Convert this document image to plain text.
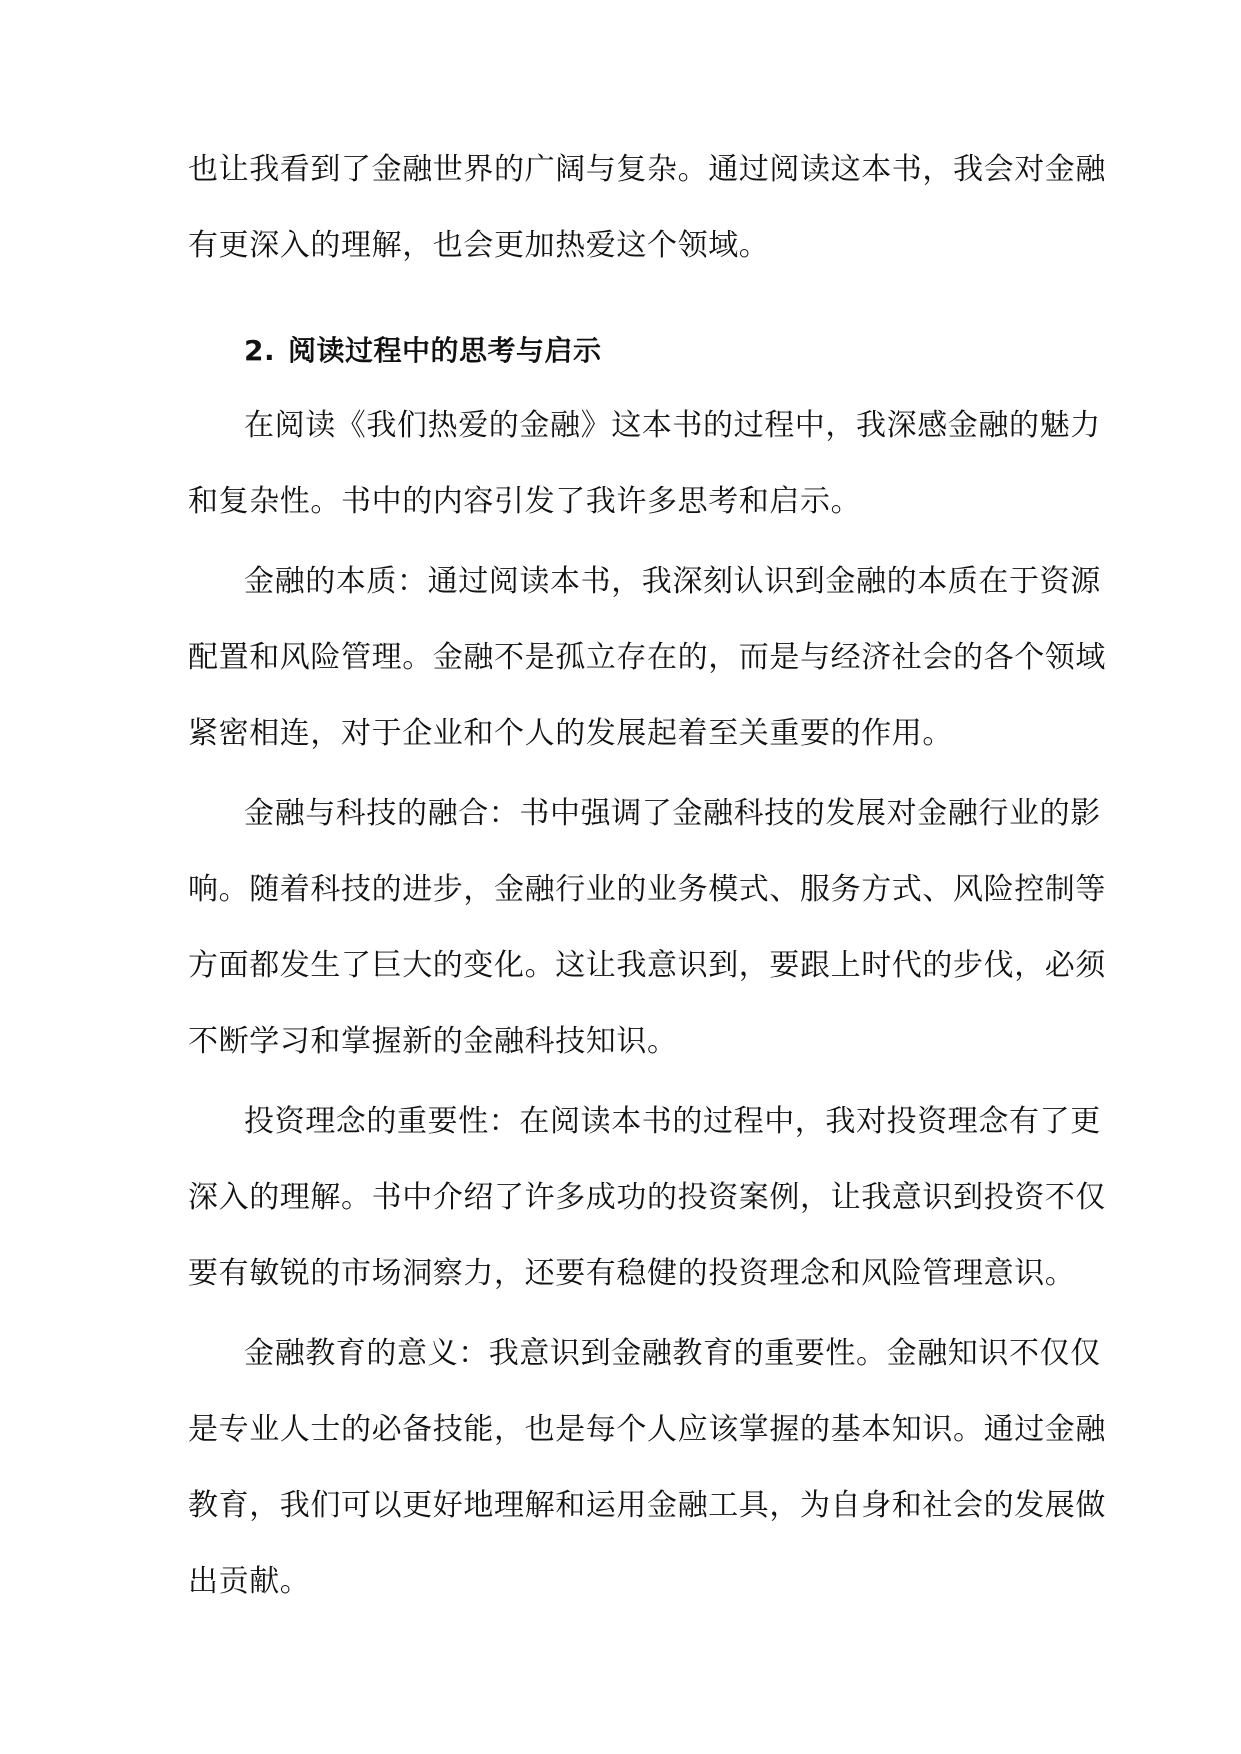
也让我看到了金融世界的广阔与复杂。通过阅读这本书，我会对金融
有更深入的理解，也会更加热爱这个领域。
2. 阅读过程中的思考与启示
在阅读《我们热爱的金融》这本书的过程中，我深感金融的魅力
和复杂性。书中的内容引发了我许多思考和启示。
金融的本质：通过阅读本书，我深刻认识到金融的本质在于资源
配置和风险管理。金融不是孤立存在的，而是与经济社会的各个领域
紧密相连，对于企业和个人的发展起着至关重要的作用。
金融与科技的融合：书中强调了金融科技的发展对金融行业的影
响。随着科技的进步，金融行业的业务模式、服务方式、风险控制等
方面都发生了巨大的变化。这让我意识到，要跟上时代的步伐，必须
不断学习和掌握新的金融科技知识。
投资理念的重要性：在阅读本书的过程中，我对投资理念有了更
深入的理解。书中介绍了许多成功的投资案例，让我意识到投资不仅
要有敏锐的市场洞察力，还要有稳健的投资理念和风险管理意识。
金融教育的意义：我意识到金融教育的重要性。金融知识不仅仅
是专业人士的必备技能，也是每个人应该掌握的基本知识。通过金融
教育，我们可以更好地理解和运用金融工具，为自身和社会的发展做
出贡献。
